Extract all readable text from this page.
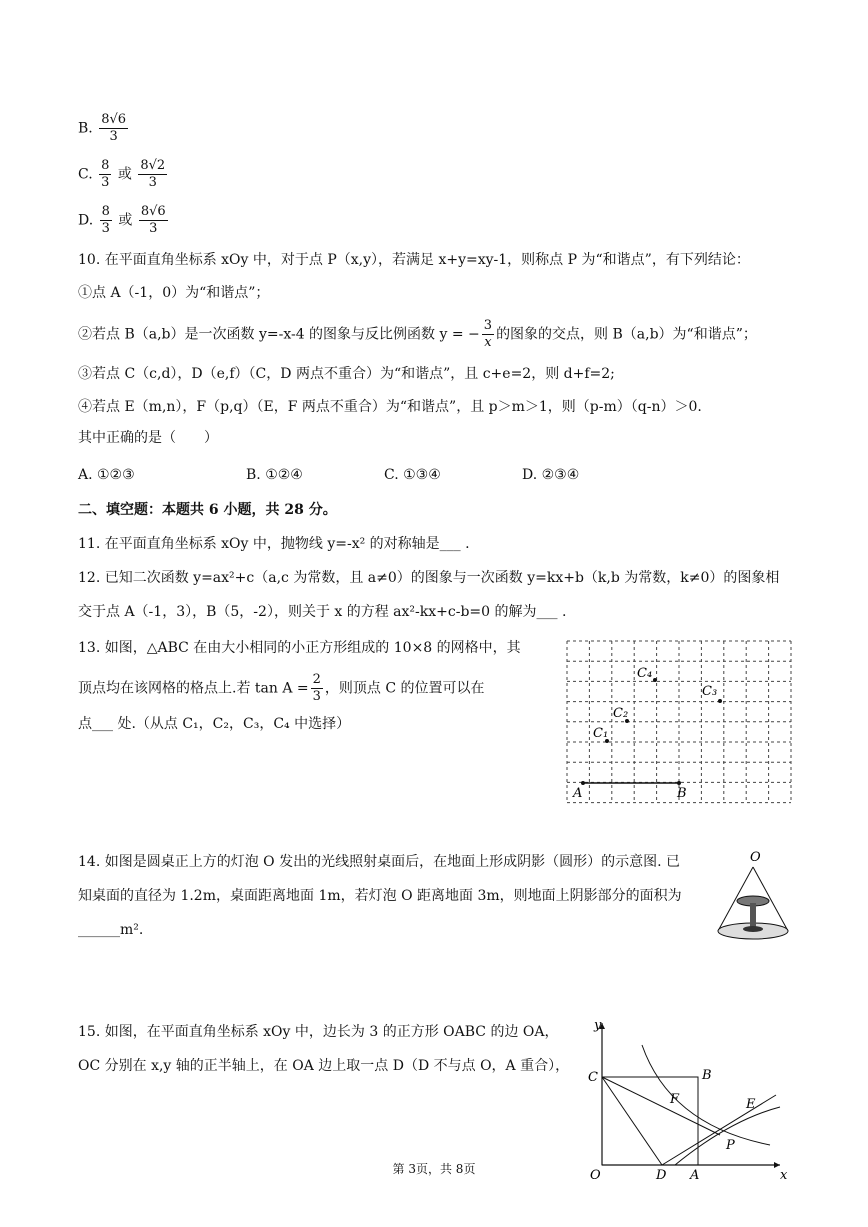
B. $\frac{8√6}{3}$
C. $\frac{8}{3}$ 或 $\frac{8√2}{3}$
D. $\frac{8}{3}$ 或 $\frac{8√6}{3}$
10. 在平面直角坐标系 xOy 中，对于点 P（x,y），若满足 x+y=xy-1，则称点 P 为“和谐点”，有下列结论：
①点 A（-1，0）为“和谐点”；
②若点 B（a,b）是一次函数 y=-x-4 的图象与反比例函数 y = − $\frac{3}{x}$ 的图象的交点，则 B（a,b）为“和谐点”；
③若点 C（c,d），D（e,f）（C，D 两点不重合）为“和谐点”，且 c+e=2，则 d+f=2;
④若点 E（m,n），F（p,q）（E，F 两点不重合）为“和谐点”，且 p＞m＞1，则（p-m）（q-n）＞0.
其中正确的是（　　）
A. ①②③	B. ①②④	C. ①③④	D. ②③④
二、填空题：本题共 6 小题，共 28 分。
11. 在平面直角坐标系 xOy 中，抛物线 y=-x² 的对称轴是___ .
12. 已知二次函数 y=ax²+c（a,c 为常数，且 a≠0）的图象与一次函数 y=kx+b（k,b 为常数，k≠0）的图象相
交于点 A（-1，3），B（5，-2），则关于 x 的方程 ax²-kx+c-b=0 的解为___ .
13. 如图，△ABC 在由大小相同的小正方形组成的 10×8 的网格中，其
顶点均在该网格的格点上.若 $\tan A = \frac{2}{3}$ ，则顶点 C 的位置可以在
点___ 处.（从点 C₁，C₂，C₃，C₄ 中选择）
A	B
C₄
C₃
C₂
C₁
14. 如图是圆桌正上方的灯泡 O 发出的光线照射桌面后，在地面上形成阴影（圆形）的示意图. 已
知桌面的直径为 1.2m，桌面距离地面 1m，若灯泡 O 距离地面 3m，则地面上阴影部分的面积为
______m².
O
15. 如图，在平面直角坐标系 xOy 中，边长为 3 的正方形 OABC 的边 OA，
OC 分别在 x,y 轴的正半轴上，在 OA 边上取一点 D（D 不与点 O，A 重合），
y
x
O
C	B
F	E
P
D A
第 3页，共 8页
